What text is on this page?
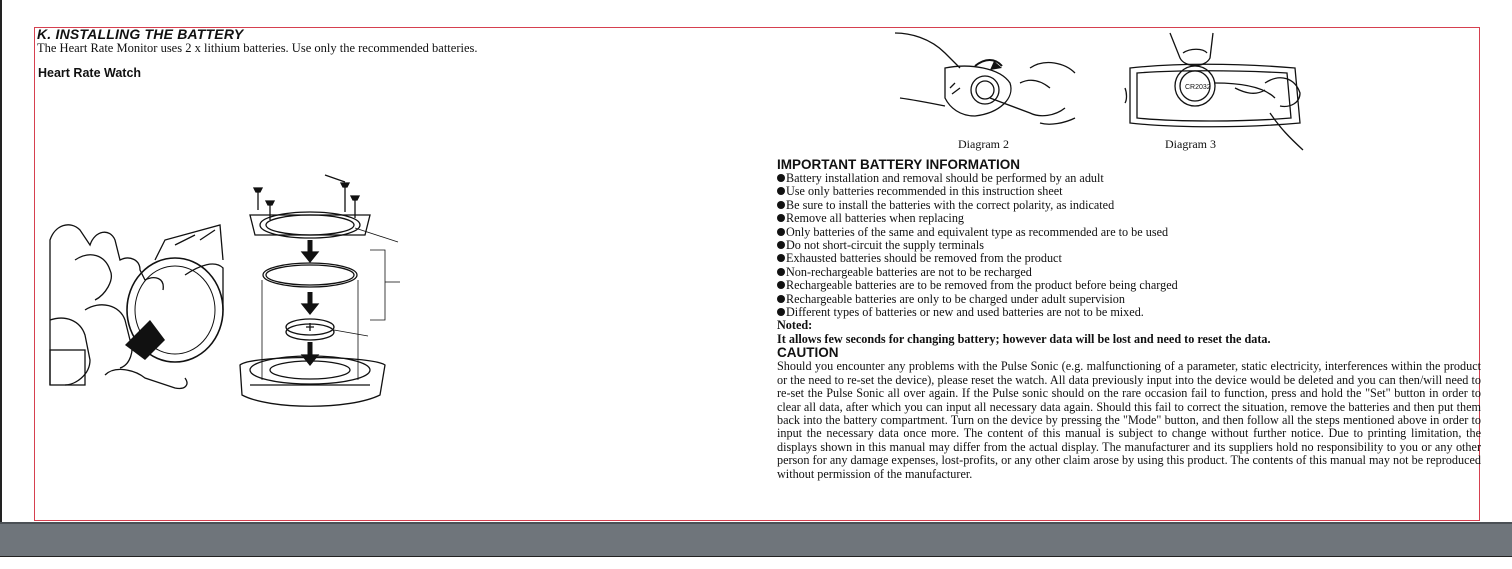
K. INSTALLING THE BATTERY
The Heart Rate Monitor uses 2 x lithium batteries. Use only the recommended batteries.
Heart Rate Watch
Diagram 2
CR2032
Diagram 3
IMPORTANT BATTERY INFORMATION
Battery installation and removal should be performed by an adult
Use only batteries recommended in this instruction sheet
Be sure to install the batteries with the correct polarity, as indicated
Remove all batteries when replacing
Only batteries of the same and equivalent type as recommended are to be used
Do not short-circuit the supply terminals
Exhausted batteries should be removed from the product
Non-rechargeable batteries are not to be recharged
Rechargeable batteries are to be removed from the product before being charged
Rechargeable batteries are only to be charged under adult supervision
Different types of batteries or new and used batteries are not to be mixed.
Noted:
It allows few seconds for changing battery; however data will be lost and need to reset the data.
CAUTION

Should you encounter any problems with the Pulse Sonic (e.g. malfunctioning of a parameter, static electricity, interferences within the product or the need to re-set the device), please reset the watch. All data previously input into the device would be deleted and you can then/will need to re-set the Pulse Sonic all over again. If the Pulse sonic should on the rare occasion fail to function, press and hold the "Set" button in order to clear all data, after which you can input all necessary data again. Should this fail to correct the situation, remove the batteries and then put them back into the battery compartment. Turn on the device by pressing the "Mode" button, and then follow all the steps mentioned above in order to input the necessary data once more. The content of this manual is subject to change without further notice. Due to printing limitation, the displays shown in this manual may differ from the actual display. The manufacturer and its suppliers hold no responsibility to you or any other person for any damage expenses, lost-profits, or any other claim arose by using this product. The contents of this manual may not be reproduced without permission of the manufacturer.
